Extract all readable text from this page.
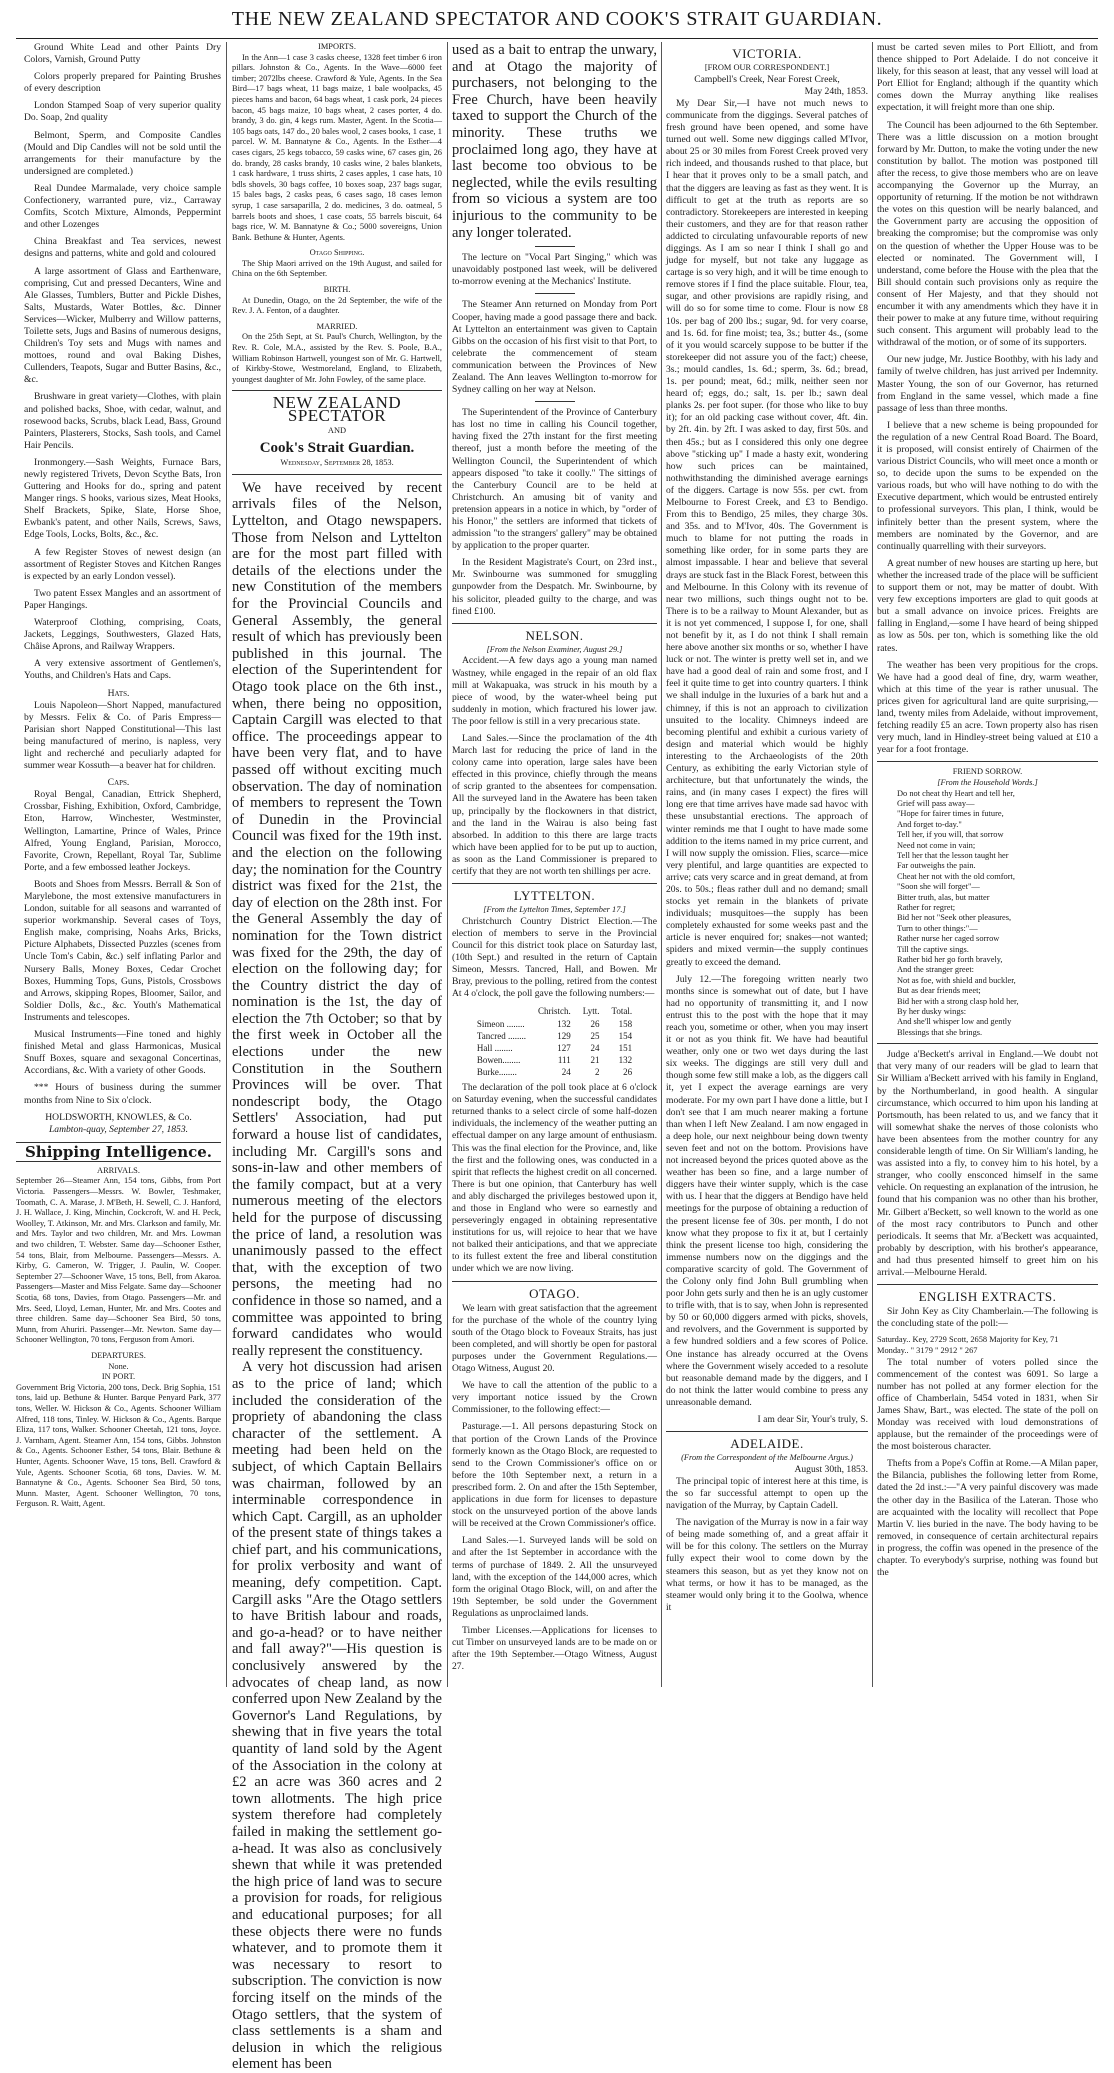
THE NEW ZEALAND SPECTATOR AND COOK'S STRAIT GUARDIAN.

Ground White Lead and other Paints Dry Colors, Varnish, Ground Putty

Colors properly prepared for Painting Brushes of every description

London Stamped Soap of very superior quality Do. Soap, 2nd quality

Belmont, Sperm, and Composite Candles (Mould and Dip Candles will not be sold until the arrangements for their manufacture by the undersigned are completed.)

Real Dundee Marmalade, very choice sample Confectionery, warranted pure, viz., Carraway Comfits, Scotch Mixture, Almonds, Peppermint and other Lozenges

China Breakfast and Tea services, newest designs and patterns, white and gold and coloured

A large assortment of Glass and Earthenware, comprising, Cut and pressed Decanters, Wine and Ale Glasses, Tumblers, Butter and Pickle Dishes, Salts, Mustards, Water Bottles, &c. Dinner Services—Wicker, Mulberry and Willow patterns, Toilette sets, Jugs and Basins of numerous designs, Children's Toy sets and Mugs with names and mottoes, round and oval Baking Dishes, Cullenders, Teapots, Sugar and Butter Basins, &c., &c.

Brushware in great variety—Clothes, with plain and polished backs, Shoe, with cedar, walnut, and rosewood backs, Scrubs, black Lead, Bass, Ground Painters, Plasterers, Stocks, Sash tools, and Camel Hair Pencils.

Ironmongery.—Sash Weights, Furnace Bars, newly registered Trivets, Devon Scythe Bats, Iron Guttering and Hooks for do., spring and patent Manger rings. S hooks, various sizes, Meat Hooks, Shelf Brackets, Spike, Slate, Horse Shoe, Ewbank's patent, and other Nails, Screws, Saws, Edge Tools, Locks, Bolts, &c., &c.

A few Register Stoves of newest design (an assortment of Register Stoves and Kitchen Ranges is expected by an early London vessel).

Two patent Essex Mangles and an assortment of Paper Hangings.

Waterproof Clothing, comprising, Coats, Jackets, Leggings, Southwesters, Glazed Hats, Châise Aprons, and Railway Wrappers.

A very extensive assortment of Gentlemen's, Youths, and Children's Hats and Caps.

Hats.

Louis Napoleon—Short Napped, manufactured by Messrs. Felix & Co. of Paris Empress—Parisian short Napped Constitutional—This last being manufactured of merino, is napless, very light and recherché and peculiarly adapted for summer wear Kossuth—a beaver hat for children.

Caps.

Royal Bengal, Canadian, Ettrick Shepherd, Crossbar, Fishing, Exhibition, Oxford, Cambridge, Eton, Harrow, Winchester, Westminster, Wellington, Lamartine, Prince of Wales, Prince Alfred, Young England, Parisian, Morocco, Favorite, Crown, Repellant, Royal Tar, Sublime Porte, and a few embossed leather Jockeys.

Boots and Shoes from Messrs. Berrall & Son of Marylebone, the most extensive manufacturers in London, suitable for all seasons and warranted of superior workmanship. Several cases of Toys, English make, comprising, Noahs Arks, Bricks, Picture Alphabets, Dissected Puzzles (scenes from Uncle Tom's Cabin, &c.) self inflating Parlor and Nursery Balls, Money Boxes, Cedar Crochet Boxes, Humming Tops, Guns, Pistols, Crossbows and Arrows, skipping Ropes, Bloomer, Sailor, and Soldier Dolls, &c., &c. Youth's Mathematical Instruments and telescopes.

Musical Instruments—Fine toned and highly finished Metal and glass Harmonicas, Musical Snuff Boxes, square and sexagonal Concertinas, Accordians, &c. With a variety of other Goods.

*** Hours of business during the summer months from Nine to Six o'clock.

HOLDSWORTH, KNOWLES, & Co.
Lambton-quay, September 27, 1853.
Shipping Intelligence.
ARRIVALS.

September 26—Steamer Ann, 154 tons, Gibbs, from Port Victoria. Passengers—Messrs. W. Bowler, Teshmaker, Toomath, C. A. Marase, J. M'Beth, H. Sewell, C. J. Hanford, J. H. Wallace, J. King, Minchin, Cockcroft, W. and H. Peck, Woolley, T. Atkinson, Mr. and Mrs. Clarkson and family, Mr. and Mrs. Taylor and two children, Mr. and Mrs. Lowman and two children, T. Webster. Same day—Schooner Esther, 54 tons, Blair, from Melbourne. Passengers—Messrs. A. Kirby, G. Cameron, W. Trigger, J. Paulin, W. Cooper. September 27—Schooner Wave, 15 tons, Bell, from Akaroa. Passengers—Master and Miss Felgate. Same day—Schooner Scotia, 68 tons, Davies, from Otago. Passengers—Mr. and Mrs. Seed, Lloyd, Leman, Hunter, Mr. and Mrs. Cootes and three children. Same day—Schooner Sea Bird, 50 tons, Munn, from Ahuriri. Passenger—Mr. Newton. Same day—Schooner Wellington, 70 tons, Ferguson from Amori.

DEPARTURES.
None.
IN PORT.

Government Brig Victoria, 200 tons, Deck. Brig Sophia, 151 tons, laid up. Bethune & Hunter. Barque Penyard Park, 377 tons, Weller. W. Hickson & Co., Agents. Schooner William Alfred, 118 tons, Tinley. W. Hickson & Co., Agents. Barque Eliza, 117 tons, Walker. Schooner Cheetah, 121 tons, Joyce. J. Varnham, Agent. Steamer Ann, 154 tons, Gibbs. Johnston & Co., Agents. Schooner Esther, 54 tons, Blair. Bethune & Hunter, Agents. Schooner Wave, 15 tons, Bell. Crawford & Yule, Agents. Schooner Scotia, 68 tons, Davies. W. M. Bannatyne & Co., Agents. Schooner Sea Bird, 50 tons, Munn. Master, Agent. Schooner Wellington, 70 tons, Ferguson. R. Waitt, Agent.

IMPORTS.

In the Ann—1 case 3 casks cheese, 1328 feet timber 6 iron pillars. Johnston & Co., Agents. In the Wave—6000 feet timber; 2072lbs cheese. Crawford & Yule, Agents. In the Sea Bird—17 bags wheat, 11 bags maize, 1 bale woolpacks, 45 pieces hams and bacon, 64 bags wheat, 1 cask pork, 24 pieces bacon, 45 bags maize, 10 bags wheat, 2 cases porter, 4 do. brandy, 3 do. gin, 4 kegs rum. Master, Agent. In the Scotia—105 bags oats, 147 do., 20 bales wool, 2 cases books, 1 case, 1 parcel. W. M. Bannatyne & Co., Agents. In the Esther—4 cases cigars, 25 kegs tobacco, 59 casks wine, 67 cases gin, 26 do. brandy, 28 casks brandy, 10 casks wine, 2 bales blankets, 1 cask hardware, 1 truss shirts, 2 cases apples, 1 case hats, 10 bdls shovels, 30 bags coffee, 10 boxes soap, 237 bags sugar, 15 bales bags, 2 casks peas, 6 cases sago, 18 cases lemon syrup, 1 case sarsaparilla, 2 do. medicines, 3 do. oatmeal, 5 barrels boots and shoes, 1 case coats, 55 barrels biscuit, 64 bags rice, W. M. Bannatyne & Co.; 5000 sovereigns, Union Bank. Bethune & Hunter, Agents.

Otago Shipping.

The Ship Maori arrived on the 19th August, and sailed for China on the 6th September.

BIRTH.

At Dunedin, Otago, on the 2d September, the wife of the Rev. J. A. Fenton, of a daughter.

MARRIED.

On the 25th Sept, at St. Paul's Church, Wellington, by the Rev. R. Cole, M.A., assisted by the Rev. S. Poole, B.A., William Robinson Hartwell, youngest son of Mr. G. Hartwell, of Kirkby-Stowe, Westmoreland, England, to Elizabeth, youngest daughter of Mr. John Fowley, of the same place.

NEW ZEALAND SPECTATOR
AND
Cook's Strait Guardian.
Wednesday, September 28, 1853.

We have received by recent arrivals files of the Nelson, Lyttelton, and Otago newspapers. Those from Nelson and Lyttelton are for the most part filled with details of the elections under the new Constitution of the members for the Provincial Councils and General Assembly, the general result of which has previously been published in this journal. The election of the Superintendent for Otago took place on the 6th inst., when, there being no opposition, Captain Cargill was elected to that office. The proceedings appear to have been very flat, and to have passed off without exciting much observation. The day of nomination of members to represent the Town of Dunedin in the Provincial Council was fixed for the 19th inst. and the election on the following day; the nomination for the Country district was fixed for the 21st, the day of election on the 28th inst. For the General Assembly the day of nomination for the Town district was fixed for the 29th, the day of election on the following day; for the Country district the day of nomination is the 1st, the day of election the 7th October; so that by the first week in October all the elections under the new Constitution in the Southern Provinces will be over. That nondescript body, the Otago Settlers' Association, had put forward a house list of candidates, including Mr. Cargill's sons and sons-in-law and other members of the family compact, but at a very numerous meeting of the electors held for the purpose of discussing the price of land, a resolution was unanimously passed to the effect that, with the exception of two persons, the meeting had no confidence in those so named, and a committee was appointed to bring forward candidates who would really represent the constituency.

A very hot discussion had arisen as to the price of land; which included the consideration of the propriety of abandoning the class character of the settlement. A meeting had been held on the subject, of which Captain Bellairs was chairman, followed by an interminable correspondence in which Capt. Cargill, as an upholder of the present state of things takes a chief part, and his communications, for prolix verbosity and want of meaning, defy competition. Capt. Cargill asks "Are the Otago settlers to have British labour and roads, and go-a-head? or to have neither and fall away?"—His question is conclusively answered by the advocates of cheap land, as now conferred upon New Zealand by the Governor's Land Regulations, by shewing that in five years the total quantity of land sold by the Agent of the Association in the colony at £2 an acre was 360 acres and 2 town allotments. The high price system therefore had completely failed in making the settlement go-a-head. It was also as conclusively shewn that while it was pretended the high price of land was to secure a provision for roads, for religious and educational purposes; for all these objects there were no funds whatever, and to promote them it was necessary to resort to subscription. The conviction is now forcing itself on the minds of the Otago settlers, that the system of class settlements is a sham and delusion in which the religious element has been

used as a bait to entrap the unwary, and at Otago the majority of purchasers, not belonging to the Free Church, have been heavily taxed to support the Church of the minority. These truths we proclaimed long ago, they have at last become too obvious to be neglected, while the evils resulting from so vicious a system are too injurious to the community to be any longer tolerated.

The lecture on "Vocal Part Singing," which was unavoidably postponed last week, will be delivered to-morrow evening at the Mechanics' Institute.

The Steamer Ann returned on Monday from Port Cooper, having made a good passage there and back. At Lyttelton an entertainment was given to Captain Gibbs on the occasion of his first visit to that Port, to celebrate the commencement of steam communication between the Provinces of New Zealand. The Ann leaves Wellington to-morrow for Sydney calling on her way at Nelson.

The Superintendent of the Province of Canterbury has lost no time in calling his Council together, having fixed the 27th instant for the first meeting thereof, just a month before the meeting of the Wellington Council, the Superintendent of which appears disposed "to take it coolly." The sittings of the Canterbury Council are to be held at Christchurch. An amusing bit of vanity and pretension appears in a notice in which, by "order of his Honor," the settlers are informed that tickets of admission "to the strangers' gallery" may be obtained by application to the proper quarter.

In the Resident Magistrate's Court, on 23rd inst., Mr. Swinbourne was summoned for smuggling gunpowder from the Despatch. Mr. Swinbourne, by his solicitor, pleaded guilty to the charge, and was fined £100.

NELSON.
[From the Nelson Examiner, August 29.]

Accident.—A few days ago a young man named Wastney, while engaged in the repair of an old flax mill at Wakapuaka, was struck in his mouth by a piece of wood, by the water-wheel being put suddenly in motion, which fractured his lower jaw. The poor fellow is still in a very precarious state.

Land Sales.—Since the proclamation of the 4th March last for reducing the price of land in the colony came into operation, large sales have been effected in this province, chiefly through the means of scrip granted to the absentees for compensation. All the surveyed land in the Awatere has been taken up, principally by the flockowners in that district, and the land in the Wairau is also being fast absorbed. In addition to this there are large tracts which have been applied for to be put up to auction, as soon as the Land Commissioner is prepared to certify that they are not worth ten shillings per acre.

LYTTELTON.
[From the Lyttelton Times, September 17.]

Christchurch Country District Election.—The election of members to serve in the Provincial Council for this district took place on Saturday last, (10th Sept.) and resulted in the return of Captain Simeon, Messrs. Tancred, Hall, and Bowen. Mr Bray, previous to the polling, retired from the contest At 4 o'clock, the poll gave the following numbers:—

	Christch.	Lytt.	Total.
Simeon ........	132	26	158
Tancred ........	129	25	154
Hall ........	127	24	151
Bowen........	111	21	132
Burke........	24	2	26

The declaration of the poll took place at 6 o'clock on Saturday evening, when the successful candidates returned thanks to a select circle of some half-dozen individuals, the inclemency of the weather putting an effectual damper on any large amount of enthusiasm. This was the final election for the Province, and, like the first and the following ones, was conducted in a spirit that reflects the highest credit on all concerned. There is but one opinion, that Canterbury has well and ably discharged the privileges bestowed upon it, and those in England who were so earnestly and perseveringly engaged in obtaining representative institutions for us, will rejoice to hear that we have not balked their anticipations, and that we appreciate to its fullest extent the free and liberal constitution under which we are now living.

OTAGO.

We learn with great satisfaction that the agreement for the purchase of the whole of the country lying south of the Otago block to Foveaux Straits, has just been completed, and will shortly be open for pastoral purposes under the Government Regulations.—Otago Witness, August 20.

We have to call the attention of the public to a very important notice issued by the Crown Commissioner, to the following effect:—

Pasturage.—1. All persons depasturing Stock on that portion of the Crown Lands of the Province formerly known as the Otago Block, are requested to send to the Crown Commissioner's office on or before the 10th September next, a return in a prescribed form. 2. On and after the 15th September, applications in due form for licenses to depasture stock on the unsurveyed portion of the above lands will be received at the Crown Commissioner's office.

Land Sales.—1. Surveyed lands will be sold on and after the 1st September in accordance with the terms of purchase of 1849. 2. All the unsurveyed land, with the exception of the 144,000 acres, which form the original Otago Block, will, on and after the 19th September, be sold under the Government Regulations as unproclaimed lands.

Timber Licenses.—Applications for licenses to cut Timber on unsurveyed lands are to be made on or after the 19th September.—Otago Witness, August 27.

VICTORIA.
[FROM OUR CORRESPONDENT.]
Campbell's Creek, Near Forest Creek,
May 24th, 1853.

My Dear Sir,—I have not much news to communicate from the diggings. Several patches of fresh ground have been opened, and some have turned out well. Some new diggings called M'Ivor, about 25 or 30 miles from Forest Creek proved very rich indeed, and thousands rushed to that place, but I hear that it proves only to be a small patch, and that the diggers are leaving as fast as they went. It is difficult to get at the truth as reports are so contradictory. Storekeepers are interested in keeping their customers, and they are for that reason rather addicted to circulating unfavourable reports of new diggings. As I am so near I think I shall go and judge for myself, but not take any luggage as cartage is so very high, and it will be time enough to remove stores if I find the place suitable. Flour, tea, sugar, and other provisions are rapidly rising, and will do so for some time to come. Flour is now £8 10s. per bag of 200 lbs.; sugar, 9d. for very coarse, and 1s. 6d. for fine moist; tea, 3s.; butter 4s., (some of it you would scarcely suppose to be butter if the storekeeper did not assure you of the fact;) cheese, 3s.; mould candles, 1s. 6d.; sperm, 3s. 6d.; bread, 1s. per pound; meat, 6d.; milk, neither seen nor heard of; eggs, do.; salt, 1s. per lb.; sawn deal planks 2s. per foot super. (for those who like to buy it); for an old packing case without cover, 4ft. 4in. by 2ft. 4in. by 2ft. I was asked to day, first 50s. and then 45s.; but as I considered this only one degree above "sticking up" I made a hasty exit, wondering how such prices can be maintained, nothwithstanding the diminished average earnings of the diggers. Cartage is now 55s. per cwt. from Melbourne to Forest Creek, and £3 to Bendigo. From this to Bendigo, 25 miles, they charge 30s. and 35s. and to M'Ivor, 40s. The Government is much to blame for not putting the roads in something like order, for in some parts they are almost impassable. I hear and believe that several drays are stuck fast in the Black Forest, between this and Melbourne. In this Colony with its revenue of near two millions, such things ought not to be. There is to be a railway to Mount Alexander, but as it is not yet commenced, I suppose I, for one, shall not benefit by it, as I do not think I shall remain here above another six months or so, whether I have luck or not. The winter is pretty well set in, and we have had a good deal of rain and some frost, and I feel it quite time to get into country quarters. I think we shall indulge in the luxuries of a bark hut and a chimney, if this is not an approach to civilization unsuited to the locality. Chimneys indeed are becoming plentiful and exhibit a curious variety of design and material which would be highly interesting to the Archaeologists of the 20th Century, as exhibiting the early Victorian style of architecture, but that unfortunately the winds, the rains, and (in many cases I expect) the fires will long ere that time arrives have made sad havoc with these unsubstantial erections. The approach of winter reminds me that I ought to have made some addition to the items named in my price current, and I will now supply the omission. Flies, scarce—mice very plentiful, and large quantities are expected to arrive; cats very scarce and in great demand, at from 20s. to 50s.; fleas rather dull and no demand; small stocks yet remain in the blankets of private individuals; musquitoes—the supply has been completely exhausted for some weeks past and the article is never enquired for; snakes—not wanted; spiders and mixed vermin—the supply continues greatly to exceed the demand.

July 12.—The foregoing written nearly two months since is somewhat out of date, but I have had no opportunity of transmitting it, and I now entrust this to the post with the hope that it may reach you, sometime or other, when you may insert it or not as you think fit. We have had beautiful weather, only one or two wet days during the last six weeks. The diggings are still very dull and though some few still make a lob, as the diggers call it, yet I expect the average earnings are very moderate. For my own part I have done a little, but I don't see that I am much nearer making a fortune than when I left New Zealand. I am now engaged in a deep hole, our next neighbour being down twenty seven feet and not on the bottom. Provisions have not increased beyond the prices quoted above as the weather has been so fine, and a large number of diggers have their winter supply, which is the case with us. I hear that the diggers at Bendigo have held meetings for the purpose of obtaining a reduction of the present license fee of 30s. per month, I do not know what they propose to fix it at, but I certainly think the present license too high, considering the immense numbers now on the diggings and the comparative scarcity of gold. The Government of the Colony only find John Bull grumbling when poor John gets surly and then he is an ugly customer to trifle with, that is to say, when John is represented by 50 or 60,000 diggers armed with picks, shovels, and revolvers, and the Government is supported by a few hundred soldiers and a few scores of Police. One instance has already occurred at the Ovens where the Government wisely acceded to a resolute but reasonable demand made by the diggers, and I do not think the latter would combine to press any unreasonable demand.

I am dear Sir, Your's truly, S.
ADELAIDE.
(From the Correspondent of the Melbourne Argus.)
August 30th, 1853.

The principal topic of interest here at this time, is the so far successful attempt to open up the navigation of the Murray, by Captain Cadell.

The navigation of the Murray is now in a fair way of being made something of, and a great affair it will be for this colony. The settlers on the Murray fully expect their wool to come down by the steamers this season, but as yet they know not on what terms, or how it has to be managed, as the steamer would only bring it to the Goolwa, whence it

must be carted seven miles to Port Elliott, and from thence shipped to Port Adelaide. I do not conceive it likely, for this season at least, that any vessel will load at Port Elliot for England; although if the quantity which comes down the Murray anything like realises expectation, it will freight more than one ship.

The Council has been adjourned to the 6th September. There was a little discussion on a motion brought forward by Mr. Dutton, to make the voting under the new constitution by ballot. The motion was postponed till after the recess, to give those members who are on leave accompanying the Governor up the Murray, an opportunity of returning. If the motion be not withdrawn the votes on this question will be nearly balanced, and the Government party are accusing the opposition of breaking the compromise; but the compromise was only on the question of whether the Upper House was to be elected or nominated. The Government will, I understand, come before the House with the plea that the Bill should contain such provisions only as require the consent of Her Majesty, and that they should not encumber it with any amendments which they have it in their power to make at any future time, without requiring such consent. This argument will probably lead to the withdrawal of the motion, or of some of its supporters.

Our new judge, Mr. Justice Boothby, with his lady and family of twelve children, has just arrived per Indemnity. Master Young, the son of our Governor, has returned from England in the same vessel, which made a fine passage of less than three months.

I believe that a new scheme is being propounded for the regulation of a new Central Road Board. The Board, it is proposed, will consist entirely of Chairmen of the various District Councils, who will meet once a month or so, to decide upon the sums to be expended on the various roads, but who will have nothing to do with the Executive department, which would be entrusted entirely to professional surveyors. This plan, I think, would be infinitely better than the present system, where the members are nominated by the Governor, and are continually quarrelling with their surveyors.

A great number of new houses are starting up here, but whether the increased trade of the place will be sufficient to support them or not, may be matter of doubt. With very few exceptions importers are glad to quit goods at but a small advance on invoice prices. Freights are falling in England,—some I have heard of being shipped as low as 50s. per ton, which is something like the old rates.

The weather has been very propitious for the crops. We have had a good deal of fine, dry, warm weather, which at this time of the year is rather unusual. The prices given for agricultural land are quite surprising,—land, twenty miles from Adelaide, without improvement, fetching readily £5 an acre. Town property also has risen very much, land in Hindley-street being valued at £10 a year for a foot frontage.

FRIEND SORROW.
[From the Household Words.]
Do not cheat thy Heart and tell her,
Grief will pass away—
"Hope for fairer times in future,
And forget to-day."
Tell her, if you will, that sorrow
Need not come in vain;
Tell her that the lesson taught her
Far outweighs the pain.
Cheat her not with the old comfort,
"Soon she will forget"—
Bitter truth, alas, but matter
Rather for regret;
Bid her not "Seek other pleasures,
Turn to other things:"—
Rather nurse her caged sorrow
Till the captive sings.
Rather bid her go forth bravely,
And the stranger greet:
Not as foe, with shield and buckler,
But as dear friends meet;
Bid her with a strong clasp hold her,
By her dusky wings:
And she'll whisper low and gently
Blessings that she brings.

Judge a'Beckett's arrival in England.—We doubt not that very many of our readers will be glad to learn that Sir William a'Beckett arrived with his family in England, by the Northumberland, in good health. A singular circumstance, which occurred to him upon his landing at Portsmouth, has been related to us, and we fancy that it will somewhat shake the nerves of those colonists who have been absentees from the mother country for any considerable length of time. On Sir William's landing, he was assisted into a fly, to convey him to his hotel, by a stranger, who coolly ensconced himself in the same vehicle. On requesting an explanation of the intrusion, he found that his companion was no other than his brother, Mr. Gilbert a'Beckett, so well known to the world as one of the most racy contributors to Punch and other periodicals. It seems that Mr. a'Beckett was acquainted, probably by description, with his brother's appearance, and had thus presented himself to greet him on his arrival.—Melbourne Herald.

ENGLISH EXTRACTS.

Sir John Key as City Chamberlain.—The following is the concluding state of the poll:—

Saturday.. Key, 2729 Scott, 2658 Majority for Key, 71
Monday.. " 3179 " 2912 " 267

The total number of voters polled since the commencement of the contest was 6091. So large a number has not polled at any former election for the office of Chamberlain, 5454 voted in 1831, when Sir James Shaw, Bart., was elected. The state of the poll on Monday was received with loud demonstrations of applause, but the remainder of the proceedings were of the most boisterous character.

Thefts from a Pope's Coffin at Rome.—A Milan paper, the Bilancia, publishes the following letter from Rome, dated the 2d inst.:—"A very painful discovery was made the other day in the Basilica of the Lateran. Those who are acquainted with the locality will recollect that Pope Martin V. lies buried in the nave. The body having to be removed, in consequence of certain architectural repairs in progress, the coffin was opened in the presence of the chapter. To everybody's surprise, nothing was found but the
